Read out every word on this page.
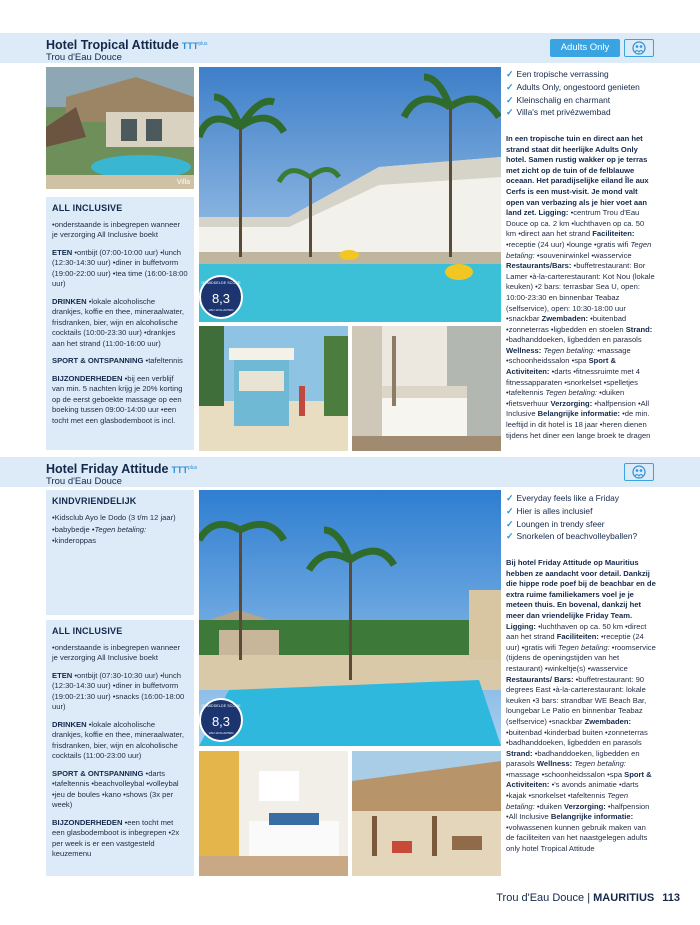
Hotel Tropical Attitude $TTT^{plus}$
Trou d'Eau Douce
Adults Only
Villa
ALL INCLUSIVE

•onderstaande is inbegrepen wanneer je verzorging All Inclusive boekt

ETEN •ontbijt (07:00-10:00 uur) •lunch (12:30-14:30 uur) •diner in buffetvorm (19:00-22:00 uur) •tea time (16:00-18:00 uur)

DRINKEN •lokale alcoholische drankjes, koffie en thee, mineraalwater, frisdranken, bier, wijn en alcoholische cocktails (10:00-23:30 uur) •drankjes aan het strand (11:00-16:00 uur)

SPORT & ONTSPANNING •tafeltennis

BIJZONDERHEDEN •bij een verblijf van min. 5 nachten krijg je 20% korting op de eerst geboekte massage op een boeking tussen 09:00-14:00 uur •een tocht met een glasbodemboot is incl.

GEMIDDELDE SCORE
8,3
VAN 10 KLANTEN
✓ Een tropische verrassing
✓ Adults Only, ongestoord genieten
✓ Kleinschalig en charmant
✓ Villa's met privézwembad
In een tropische tuin en direct aan het strand staat dit heerlijke Adults Only hotel. Samen rustig wakker op je terras met zicht op de tuin of de felblauwe oceaan. Het paradijselijke eiland Île aux Cerfs is een must-visit. Je mond valt open van verbazing als je hier voet aan land zet. Ligging: •centrum Trou d'Eau Douce op ca. 2 km •luchthaven op ca. 50 km •direct aan het strand Faciliteiten: •receptie (24 uur) •lounge •gratis wifi Tegen betaling: •souvenirwinkel •wasservice Restaurants/Bars: •buffetrestaurant: Bor Lamer •à-la-carterestaurant: Kot Nou (lokale keuken) •2 bars: terrasbar Sea U, open: 10:00-23:30 en binnenbar Teabaz (selfservice), open: 10:30-18:00 uur •snackbar Zwembaden: •buitenbad •zonneterras •ligbedden en stoelen Strand: •badhanddoeken, ligbedden en parasols Wellness: Tegen betaling: •massage •schoonheidssalon •spa Sport & Activiteiten: •darts •fitnessruimte met 4 fitnessapparaten •snorkelset •spelletjes •tafeltennis Tegen betaling: •duiken •fietsverhuur Verzorging: •halfpension •All Inclusive Belangrijke informatie: •de min. leeftijd in dit hotel is 18 jaar •heren dienen tijdens het diner een lange broek te dragen
Hotel Friday Attitude $TTT^{plus}$
Trou d'Eau Douce
KINDVRIENDELIJK

•Kidsclub Ayo le Dodo (3 t/m 12 jaar)

•babybedje •Tegen betaling: •kinderoppas

ALL INCLUSIVE

•onderstaande is inbegrepen wanneer je verzorging All Inclusive boekt

ETEN •ontbijt (07:30-10:30 uur) •lunch (12:30-14:30 uur) •diner in buffetvorm (19:00-21:30 uur) •snacks (16:00-18:00 uur)

DRINKEN •lokale alcoholische drankjes, koffie en thee, mineraalwater, frisdranken, bier, wijn en alcoholische cocktails (11:00-23:00 uur)

SPORT & ONTSPANNING •darts •tafeltennis •beachvolleybal •volleybal •jeu de boules •kano •shows (3x per week)

BIJZONDERHEDEN •een tocht met een glasbodemboot is inbegrepen •2x per week is er een vastgesteld keuzemenu

GEMIDDELDE SCORE
8,3
VAN 10 KLANTEN
✓ Everyday feels like a Friday
✓ Hier is alles inclusief
✓ Loungen in trendy sfeer
✓ Snorkelen of beachvolleyballen?
Bij hotel Friday Attitude op Mauritius hebben ze aandacht voor detail. Dankzij die hippe rode poef bij de beachbar en de extra ruime familiekamers voel je je meteen thuis. En bovenal, dankzij het meer dan vriendelijke Friday Team. Ligging: •luchthaven op ca. 50 km •direct aan het strand Faciliteiten: •receptie (24 uur) •gratis wifi Tegen betaling: •roomservice (tijdens de openingstijden van het restaurant) •winkeltje(s) •wasservice Restaurants/ Bars: •buffetrestaurant: 90 degrees East •à-la-carterestaurant: lokale keuken •3 bars: strandbar WE Beach Bar, loungebar Le Patio en binnenbar Teabaz (selfservice) •snackbar Zwembaden: •buitenbad •kinderbad buiten •zonneterras •badhanddoeken, ligbedden en parasols Strand: •badhanddoeken, ligbedden en parasols Wellness: Tegen betaling: •massage •schoonheidssalon •spa Sport & Activiteiten: •'s avonds animatie •darts •kajak •snorkelset •tafeltennis Tegen betaling: •duiken Verzorging: •halfpension •All Inclusive Belangrijke informatie: •volwassenen kunnen gebruik maken van de faciliteiten van het naastgelegen adults only hotel Tropical Attitude
Trou d'Eau Douce | MAURITIUS 113
